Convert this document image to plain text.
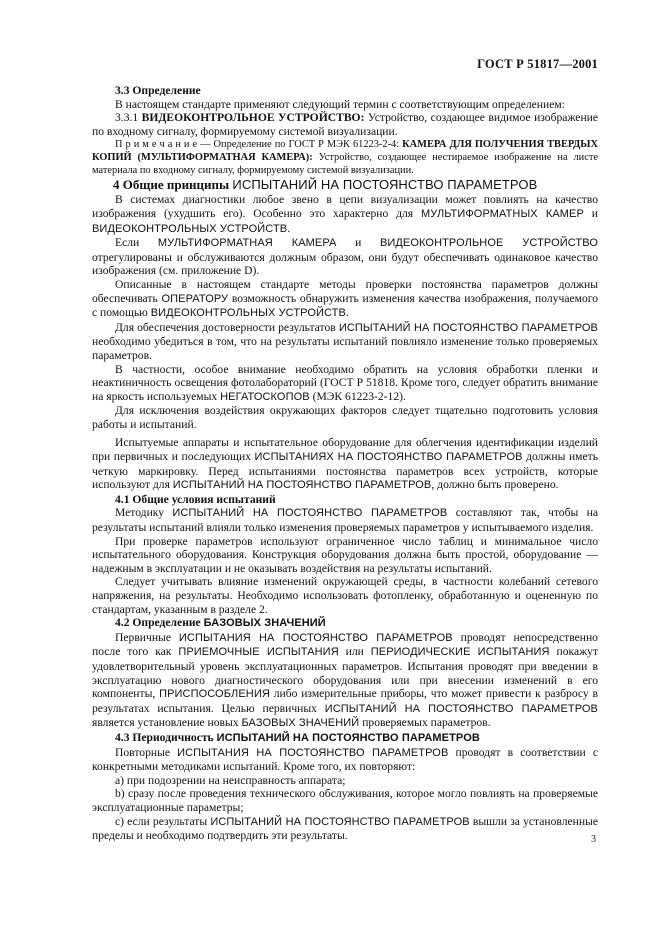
ГОСТ Р 51817—2001

3.3 Определение

В настоящем стандарте применяют следующий термин с соответствующим определением:

3.3.1 ВИДЕОКОНТРОЛЬНОЕ УСТРОЙСТВО: Устройство, создающее видимое изображение по входному сигналу, формируемому системой визуализации.

П р и м е ч а н и е — Определение по ГОСТ Р МЭК 61223-2-4: КАМЕРА ДЛЯ ПОЛУЧЕНИЯ ТВЕРДЫХ КОПИЙ (МУЛЬТИФОРМАТНАЯ КАМЕРА): Устройство, создающее нестираемое изображение на листе материала по входному сигналу, формируемому системой визуализации.

4 Общие принципы ИСПЫТАНИЙ НА ПОСТОЯНСТВО ПАРАМЕТРОВ

В системах диагностики любое звено в цепи визуализации может повлиять на качество изображения (ухудшить его). Особенно это характерно для МУЛЬТИФОРМАТНЫХ КАМЕР и ВИДЕОКОНТРОЛЬНЫХ УСТРОЙСТВ.

Если МУЛЬТИФОРМАТНАЯ КАМЕРА и ВИДЕОКОНТРОЛЬНОЕ УСТРОЙСТВО отрегулированы и обслуживаются должным образом, они будут обеспечивать одинаковое качество изображения (см. приложение D).

Описанные в настоящем стандарте методы проверки постоянства параметров должны обеспечивать ОПЕРАТОРУ возможность обнаружить изменения качества изображения, получаемого с помощью ВИДЕОКОНТРОЛЬНЫХ УСТРОЙСТВ.

Для обеспечения достоверности результатов ИСПЫТАНИЙ НА ПОСТОЯНСТВО ПАРАМЕТРОВ необходимо убедиться в том, что на результаты испытаний повлияло изменение только проверяемых параметров.

В частности, особое внимание необходимо обратить на условия обработки пленки и неактиничность освещения фотолабораторий (ГОСТ Р 51818. Кроме того, следует обратить внимание на яркость используемых НЕГАТОСКОПОВ (МЭК 61223-2-12).

Для исключения воздействия окружающих факторов следует тщательно подготовить условия работы и испытаний.

Испытуемые аппараты и испытательное оборудование для облегчения идентификации изделий при первичных и последующих ИСПЫТАНИЯХ НА ПОСТОЯНСТВО ПАРАМЕТРОВ должны иметь четкую маркировку. Перед испытаниями постоянства параметров всех устройств, которые используют для ИСПЫТАНИЙ НА ПОСТОЯНСТВО ПАРАМЕТРОВ, должно быть проверено.

4.1 Общие условия испытаний

Методику ИСПЫТАНИЙ НА ПОСТОЯНСТВО ПАРАМЕТРОВ составляют так, чтобы на результаты испытаний влияли только изменения проверяемых параметров у испытываемого изделия.

При проверке параметров используют ограниченное число таблиц и минимальное число испытательного оборудования. Конструкция оборудования должна быть простой, оборудование — надежным в эксплуатации и не оказывать воздействия на результаты испытаний.

Следует учитывать влияние изменений окружающей среды, в частности колебаний сетевого напряжения, на результаты. Необходимо использовать фотопленку, обработанную и оцененную по стандартам, указанным в разделе 2.

4.2 Определение БАЗОВЫХ ЗНАЧЕНИЙ

Первичные ИСПЫТАНИЯ НА ПОСТОЯНСТВО ПАРАМЕТРОВ проводят непосредственно после того как ПРИЕМОЧНЫЕ ИСПЫТАНИЯ или ПЕРИОДИЧЕСКИЕ ИСПЫТАНИЯ покажут удовлетворительный уровень эксплуатационных параметров. Испытания проводят при введении в эксплуатацию нового диагностического оборудования или при внесении изменений в его компоненты, ПРИСПОСОБЛЕНИЯ либо измерительные приборы, что может привести к разбросу в результатах испытания. Целью первичных ИСПЫТАНИЙ НА ПОСТОЯНСТВО ПАРАМЕТРОВ является установление новых БАЗОВЫХ ЗНАЧЕНИЙ проверяемых параметров.

4.3 Периодичность ИСПЫТАНИЙ НА ПОСТОЯНСТВО ПАРАМЕТРОВ

Повторные ИСПЫТАНИЯ НА ПОСТОЯНСТВО ПАРАМЕТРОВ проводят в соответствии с конкретными методиками испытаний. Кроме того, их повторяют:

а) при подозрении на неисправность аппарата;

b) сразу после проведения технического обслуживания, которое могло повлиять на проверяемые эксплуатационные параметры;

с) если результаты ИСПЫТАНИЙ НА ПОСТОЯНСТВО ПАРАМЕТРОВ вышли за установленные пределы и необходимо подтвердить эти результаты.	3
